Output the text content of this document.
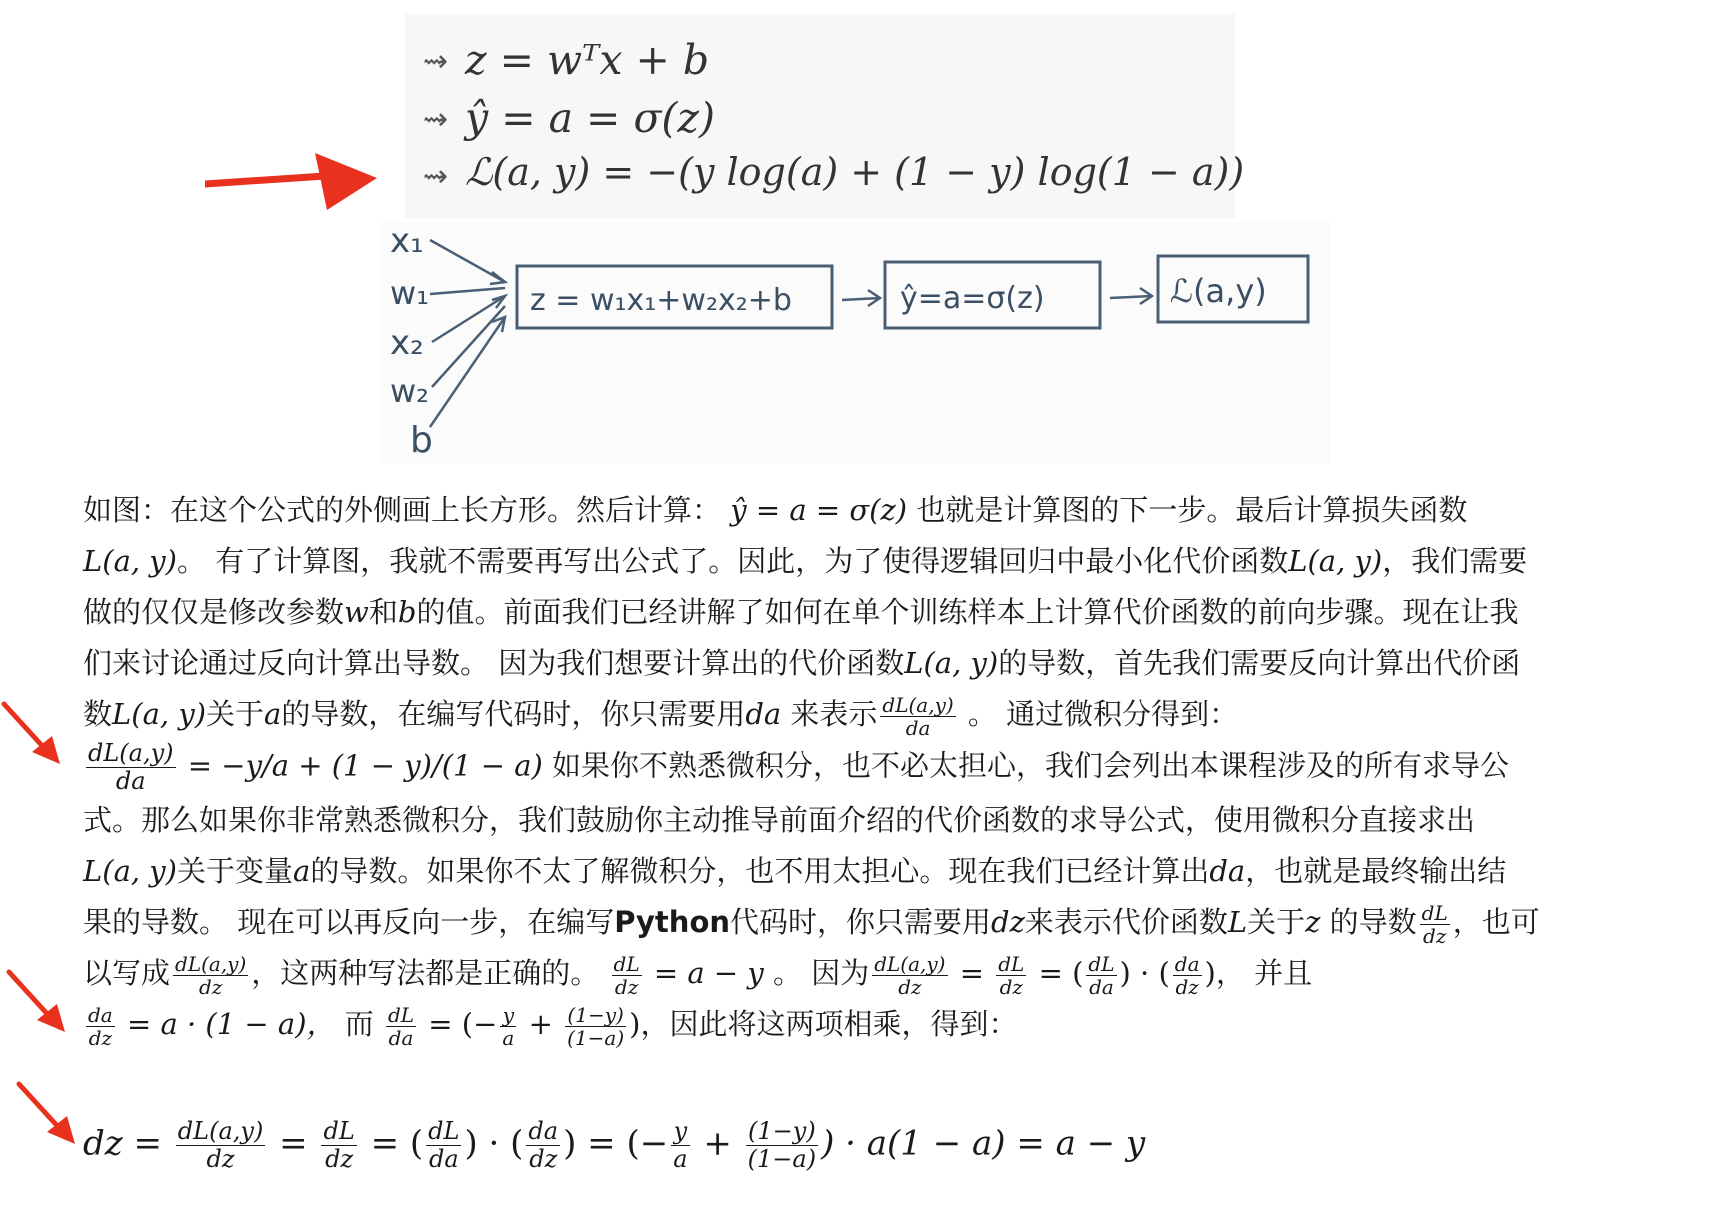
⇝ z = wᵀx + b
⇝ ŷ = a = σ(z)
⇝ ℒ(a, y) = −(y log(a) + (1 − y) log(1 − a))
x₁
w₁
x₂
w₂
b
z = w₁x₁+w₂x₂+b	ŷ=a=σ(z)	ℒ(a,y)

如图：在这个公式的外侧画上长方形。然后计算： ŷ = a = σ(z) 也就是计算图的下一步。最后计算损失函数
L(a, y)。 有了计算图，我就不需要再写出公式了。因此，为了使得逻辑回归中最小化代价函数L(a, y)，我们需要
做的仅仅是修改参数w和b的值。前面我们已经讲解了如何在单个训练样本上计算代价函数的前向步骤。现在让我
们来讨论通过反向计算出导数。 因为我们想要计算出的代价函数L(a, y)的导数，首先我们需要反向计算出代价函
数L(a, y)关于a的导数，在编写代码时，你只需要用da 来表示 $\frac{dL(a,y)}{da}$ 。 通过微积分得到：

$\frac{dL(a,y)}{da} = -y/a + (1 - y)/(1 - a)$ 如果你不熟悉微积分，也不必太担心，我们会列出本课程涉及的所有求导公
式。那么如果你非常熟悉微积分，我们鼓励你主动推导前面介绍的代价函数的求导公式，使用微积分直接求出
L(a, y)关于变量a的导数。如果你不太了解微积分，也不用太担心。现在我们已经计算出da，也就是最终输出结
果的导数。 现在可以再反向一步，在编写Python代码时，你只需要用dz来表示代价函数L关于z 的导数 $\frac{dL}{dz}$ ，也可
以写成 $\frac{dL(a,y)}{dz}$ ，这两种写法都是正确的。 $\frac{dL}{dz} = a - y$ 。 因为 $\frac{dL(a,y)}{dz} = \frac{dL}{dz}$ = ( $\frac{dL}{da}$ ) · ( $\frac{da}{dz}$ )， 并且

$\frac{da}{dz} = a \cdot (1 - a)$， 而 $\frac{dL}{da}$ = (− $\frac{y}{a} + \frac{(1-y)}{(1-a)}$ )，因此将这两项相乘，得到：

dz = $\frac{dL(a,y)}{dz} = \frac{dL}{dz}$ = ( $\frac{dL}{da}$ ) · ( $\frac{da}{dz}$ ) = (− $\frac{y}{a} + \frac{(1-y)}{(1-a)}$ ) · a(1 − a) = a − y
